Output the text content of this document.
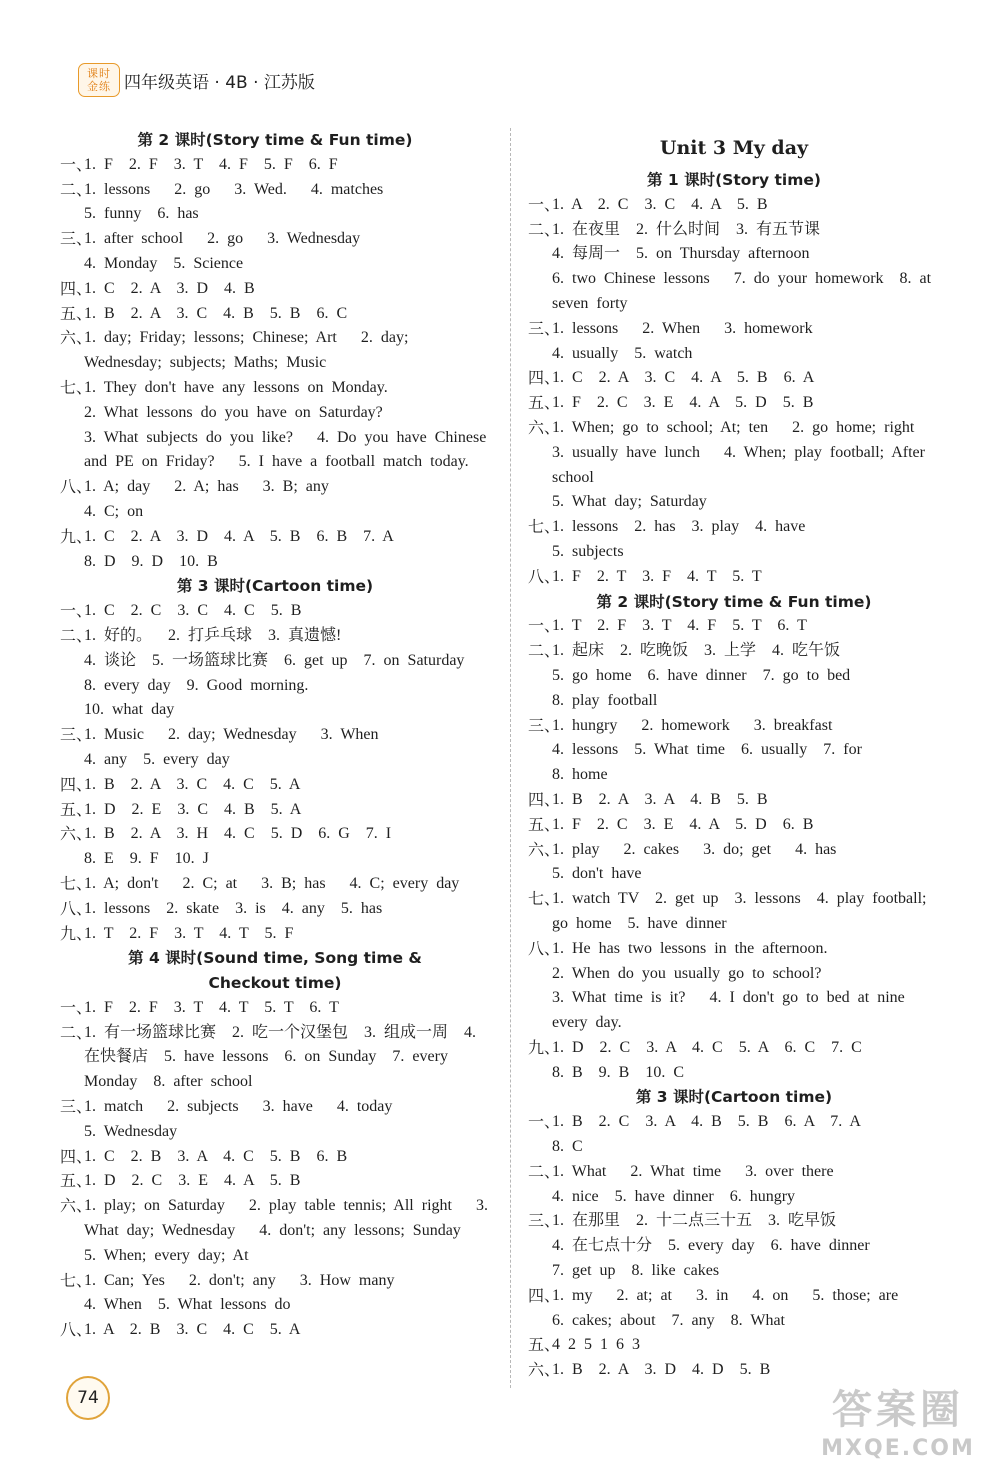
课时
金练 四年级英语 · 4B · 江苏版
第 2 课时(Story time & Fun time)
一、
1. F  2. F  3. T  4. F  5. F  6. F
二、
1. lessons   2. go   3. Wed.   4. matches
5. funny  6. has
三、
1. after school   2. go   3. Wednesday
4. Monday  5. Science
四、
1. C  2. A  3. D  4. B
五、
1. B  2. A  3. C  4. B  5. B  6. C
六、
1. day; Friday; lessons; Chinese; Art   2. day; Wednesday; subjects; Maths; Music
七、
1. They don't have any lessons on Monday.
2. What lessons do you have on Saturday?
3. What subjects do you like?   4. Do you have Chinese and PE on Friday?   5. I have a football match today.
八、
1. A; day   2. A; has   3. B; any
4. C; on
九、
1. C  2. A  3. D  4. A  5. B  6. B  7. A
8. D  9. D  10. B
第 3 课时(Cartoon time)
一、
1. C  2. C  3. C  4. C  5. B
二、
1. 好的。  2. 打乒乓球  3. 真遗憾!
4. 谈论  5. 一场篮球比赛  6. get up  7. on Saturday  8. every day  9. Good morning.
10. what day
三、
1. Music   2. day; Wednesday   3. When
4. any  5. every day
四、
1. B  2. A  3. C  4. C  5. A
五、
1. D  2. E  3. C  4. B  5. A
六、
1. B  2. A  3. H  4. C  5. D  6. G  7. I
8. E  9. F  10. J
七、
1. A; don't   2. C; at   3. B; has   4. C; every day
八、
1. lessons  2. skate  3. is  4. any  5. has
九、
1. T  2. F  3. T  4. T  5. F
第 4 课时(Sound time, Song time &
Checkout time)
一、
1. F  2. F  3. T  4. T  5. T  6. T
二、
1. 有一场篮球比赛  2. 吃一个汉堡包  3. 组成一周  4. 在快餐店  5. have lessons  6. on Sunday  7. every Monday  8. after school
三、
1. match   2. subjects   3. have   4. today
5. Wednesday
四、
1. C  2. B  3. A  4. C  5. B  6. B
五、
1. D  2. C  3. E  4. A  5. B
六、
1. play; on Saturday   2. play table tennis; All right   3. What day; Wednesday   4. don't; any lessons; Sunday   5. When; every day; At
七、
1. Can; Yes   2. don't; any   3. How many
4. When  5. What lessons do
八、
1. A  2. B  3. C  4. C  5. A
Unit 3 My day
第 1 课时(Story time)
一、
1. A  2. C  3. C  4. A  5. B
二、
1. 在夜里  2. 什么时间  3. 有五节课
4. 每周一  5. on Thursday afternoon
6. two Chinese lessons   7. do your homework  8. at seven forty
三、
1. lessons   2. When   3. homework
4. usually  5. watch
四、
1. C  2. A  3. C  4. A  5. B  6. A
五、
1. F  2. C  3. E  4. A  5. D  5. B
六、
1. When; go to school; At; ten   2. go home; right
3. usually have lunch   4. When; play football; After school
5. What day; Saturday
七、
1. lessons  2. has  3. play  4. have
5. subjects
八、
1. F  2. T  3. F  4. T  5. T
第 2 课时(Story time & Fun time)
一、
1. T  2. F  3. T  4. F  5. T  6. T
二、
1. 起床  2. 吃晚饭  3. 上学  4. 吃午饭
5. go home  6. have dinner  7. go to bed
8. play football
三、
1. hungry   2. homework   3. breakfast
4. lessons  5. What time  6. usually  7. for
8. home
四、
1. B  2. A  3. A  4. B  5. B
五、
1. F  2. C  3. E  4. A  5. D  6. B
六、
1. play   2. cakes   3. do; get   4. has
5. don't have
七、
1. watch TV  2. get up  3. lessons  4. play football; go home  5. have dinner
八、
1. He has two lessons in the afternoon.
2. When do you usually go to school?
3. What time is it?   4. I don't go to bed at nine every day.
九、
1. D  2. C  3. A  4. C  5. A  6. C  7. C
8. B  9. B  10. C
第 3 课时(Cartoon time)
一、
1. B  2. C  3. A  4. B  5. B  6. A  7. A
8. C
二、
1. What   2. What time   3. over there
4. nice  5. have dinner  6. hungry
三、
1. 在那里  2. 十二点三十五  3. 吃早饭
4. 在七点十分  5. every day  6. have dinner
7. get up  8. like cakes
四、
1. my   2. at; at   3. in   4. on   5. those; are
6. cakes; about  7. any  8. What
五、
4 2 5 1 6 3
六、
1. B  2. A  3. D  4. D  5. B
74	答案圈
MXQE.COM
